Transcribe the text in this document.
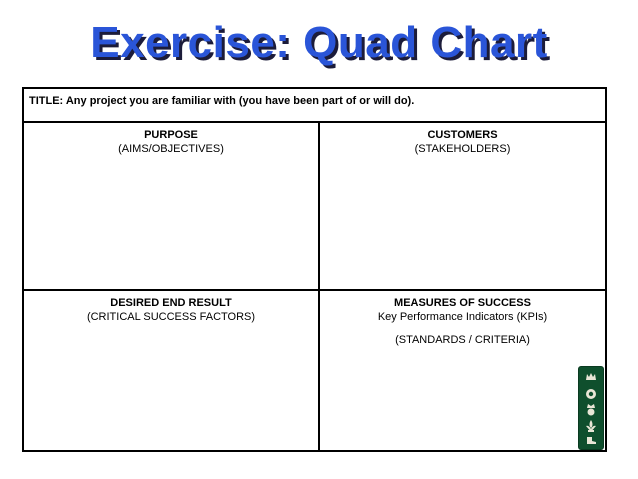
Exercise: Quad Chart
TITLE: Any project you are familiar with (you have been part of or will do).
PURPOSE
(AIMS/OBJECTIVES)
CUSTOMERS
(STAKEHOLDERS)
DESIRED END RESULT
(CRITICAL SUCCESS FACTORS)
MEASURES OF SUCCESS
Key Performance Indicators (KPIs)
(STANDARDS / CRITERIA)
